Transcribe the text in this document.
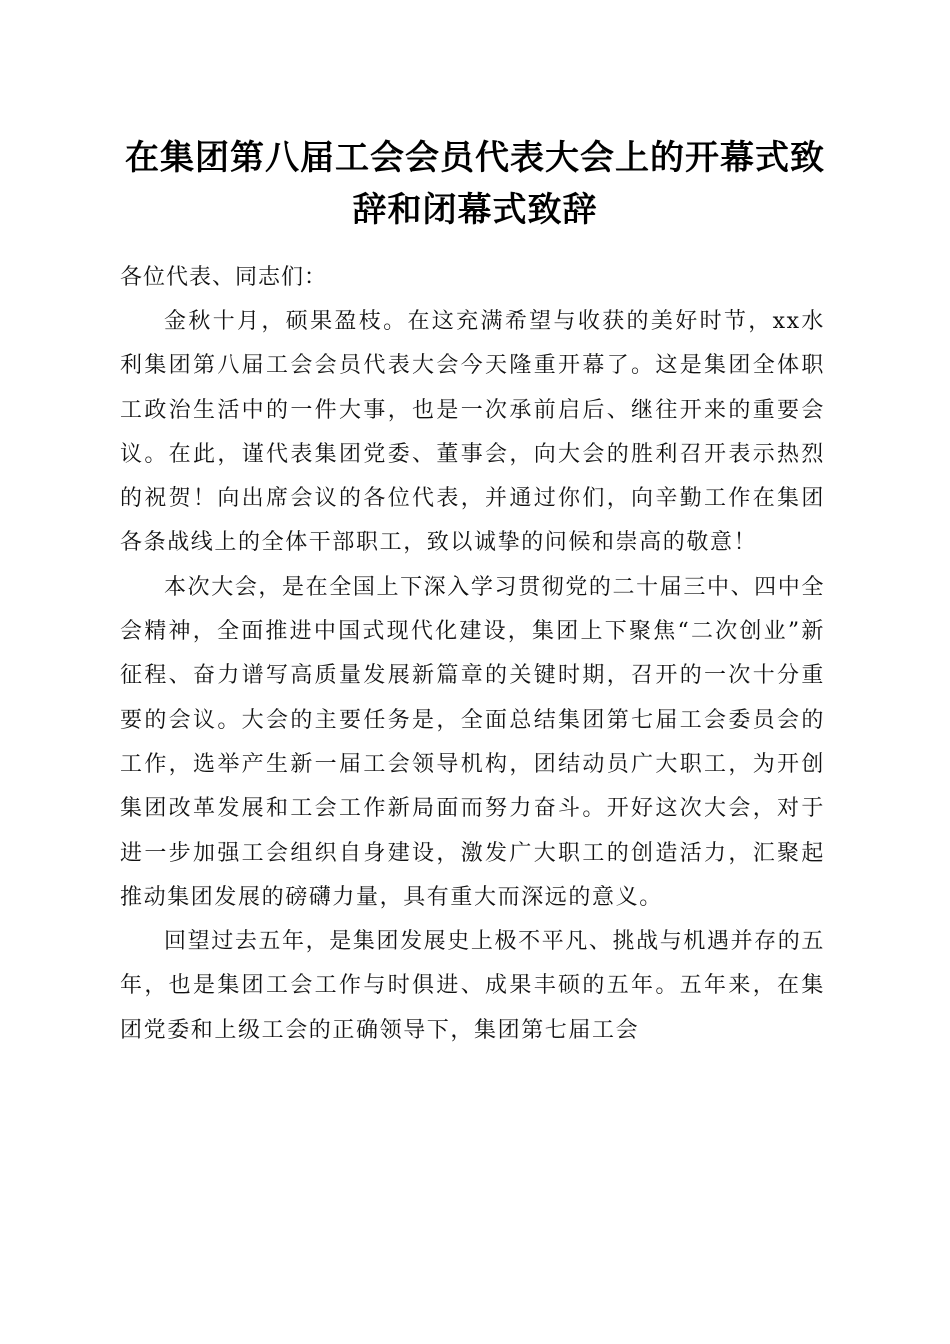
在集团第八届工会会员代表大会上的开幕式致辞和闭幕式致辞

各位代表、同志们：

金秋十月，硕果盈枝。在这充满希望与收获的美好时节，xx水利集团第八届工会会员代表大会今天隆重开幕了。这是集团全体职工政治生活中的一件大事，也是一次承前启后、继往开来的重要会议。在此，谨代表集团党委、董事会，向大会的胜利召开表示热烈的祝贺！向出席会议的各位代表，并通过你们，向辛勤工作在集团各条战线上的全体干部职工，致以诚挚的问候和崇高的敬意！

本次大会，是在全国上下深入学习贯彻党的二十届三中、四中全会精神，全面推进中国式现代化建设，集团上下聚焦“二次创业”新征程、奋力谱写高质量发展新篇章的关键时期，召开的一次十分重要的会议。大会的主要任务是，全面总结集团第七届工会委员会的工作，选举产生新一届工会领导机构，团结动员广大职工，为开创集团改革发展和工会工作新局面而努力奋斗。开好这次大会，对于进一步加强工会组织自身建设，激发广大职工的创造活力，汇聚起推动集团发展的磅礴力量，具有重大而深远的意义。

回望过去五年，是集团发展史上极不平凡、挑战与机遇并存的五年，也是集团工会工作与时俱进、成果丰硕的五年。五年来，在集团党委和上级工会的正确领导下，集团第七届工会
